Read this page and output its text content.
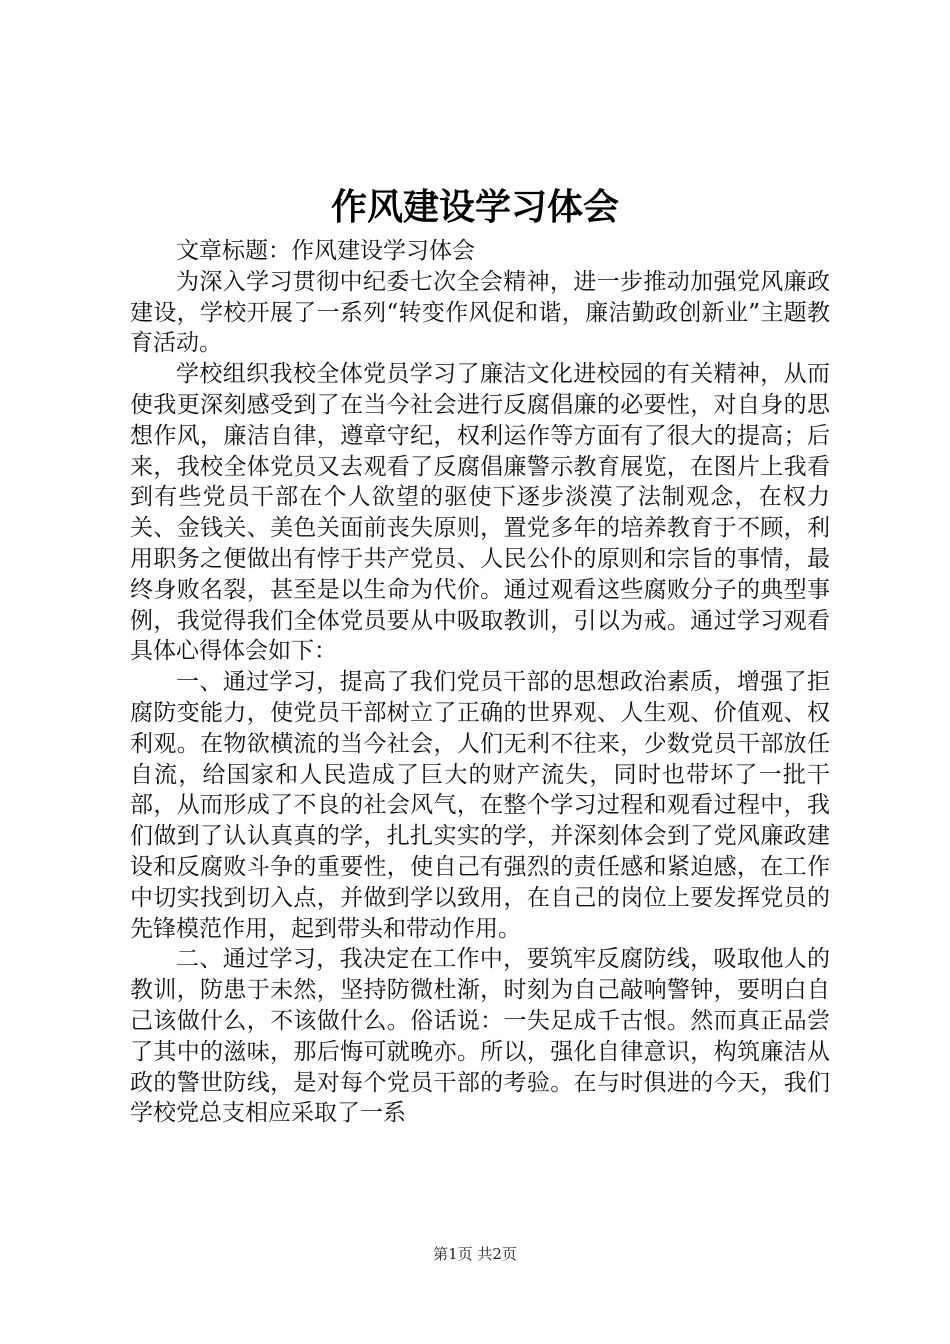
作风建设学习体会

文章标题：作风建设学习体会

为深入学习贯彻中纪委七次全会精神，进一步推动加强党风廉政建设，学校开展了一系列“转变作风促和谐，廉洁勤政创新业”主题教育活动。

学校组织我校全体党员学习了廉洁文化进校园的有关精神，从而使我更深刻感受到了在当今社会进行反腐倡廉的必要性，对自身的思想作风，廉洁自律，遵章守纪，权利运作等方面有了很大的提高；后来，我校全体党员又去观看了反腐倡廉警示教育展览，在图片上我看到有些党员干部在个人欲望的驱使下逐步淡漠了法制观念，在权力关、金钱关、美色关面前丧失原则，置党多年的培养教育于不顾，利用职务之便做出有悖于共产党员、人民公仆的原则和宗旨的事情，最终身败名裂，甚至是以生命为代价。通过观看这些腐败分子的典型事例，我觉得我们全体党员要从中吸取教训，引以为戒。通过学习观看具体心得体会如下：

一、通过学习，提高了我们党员干部的思想政治素质，增强了拒腐防变能力，使党员干部树立了正确的世界观、人生观、价值观、权利观。在物欲横流的当今社会，人们无利不往来，少数党员干部放任自流，给国家和人民造成了巨大的财产流失，同时也带坏了一批干部，从而形成了不良的社会风气，在整个学习过程和观看过程中，我们做到了认认真真的学，扎扎实实的学，并深刻体会到了党风廉政建设和反腐败斗争的重要性，使自己有强烈的责任感和紧迫感，在工作中切实找到切入点，并做到学以致用，在自己的岗位上要发挥党员的先锋模范作用，起到带头和带动作用。

二、通过学习，我决定在工作中，要筑牢反腐防线，吸取他人的教训，防患于未然，坚持防微杜渐，时刻为自己敲响警钟，要明白自己该做什么，不该做什么。俗话说：一失足成千古恨。然而真正品尝了其中的滋味，那后悔可就晚亦。所以，强化自律意识，构筑廉洁从政的警世防线，是对每个党员干部的考验。在与时俱进的今天，我们学校党总支相应采取了一系

第1页 共2页
